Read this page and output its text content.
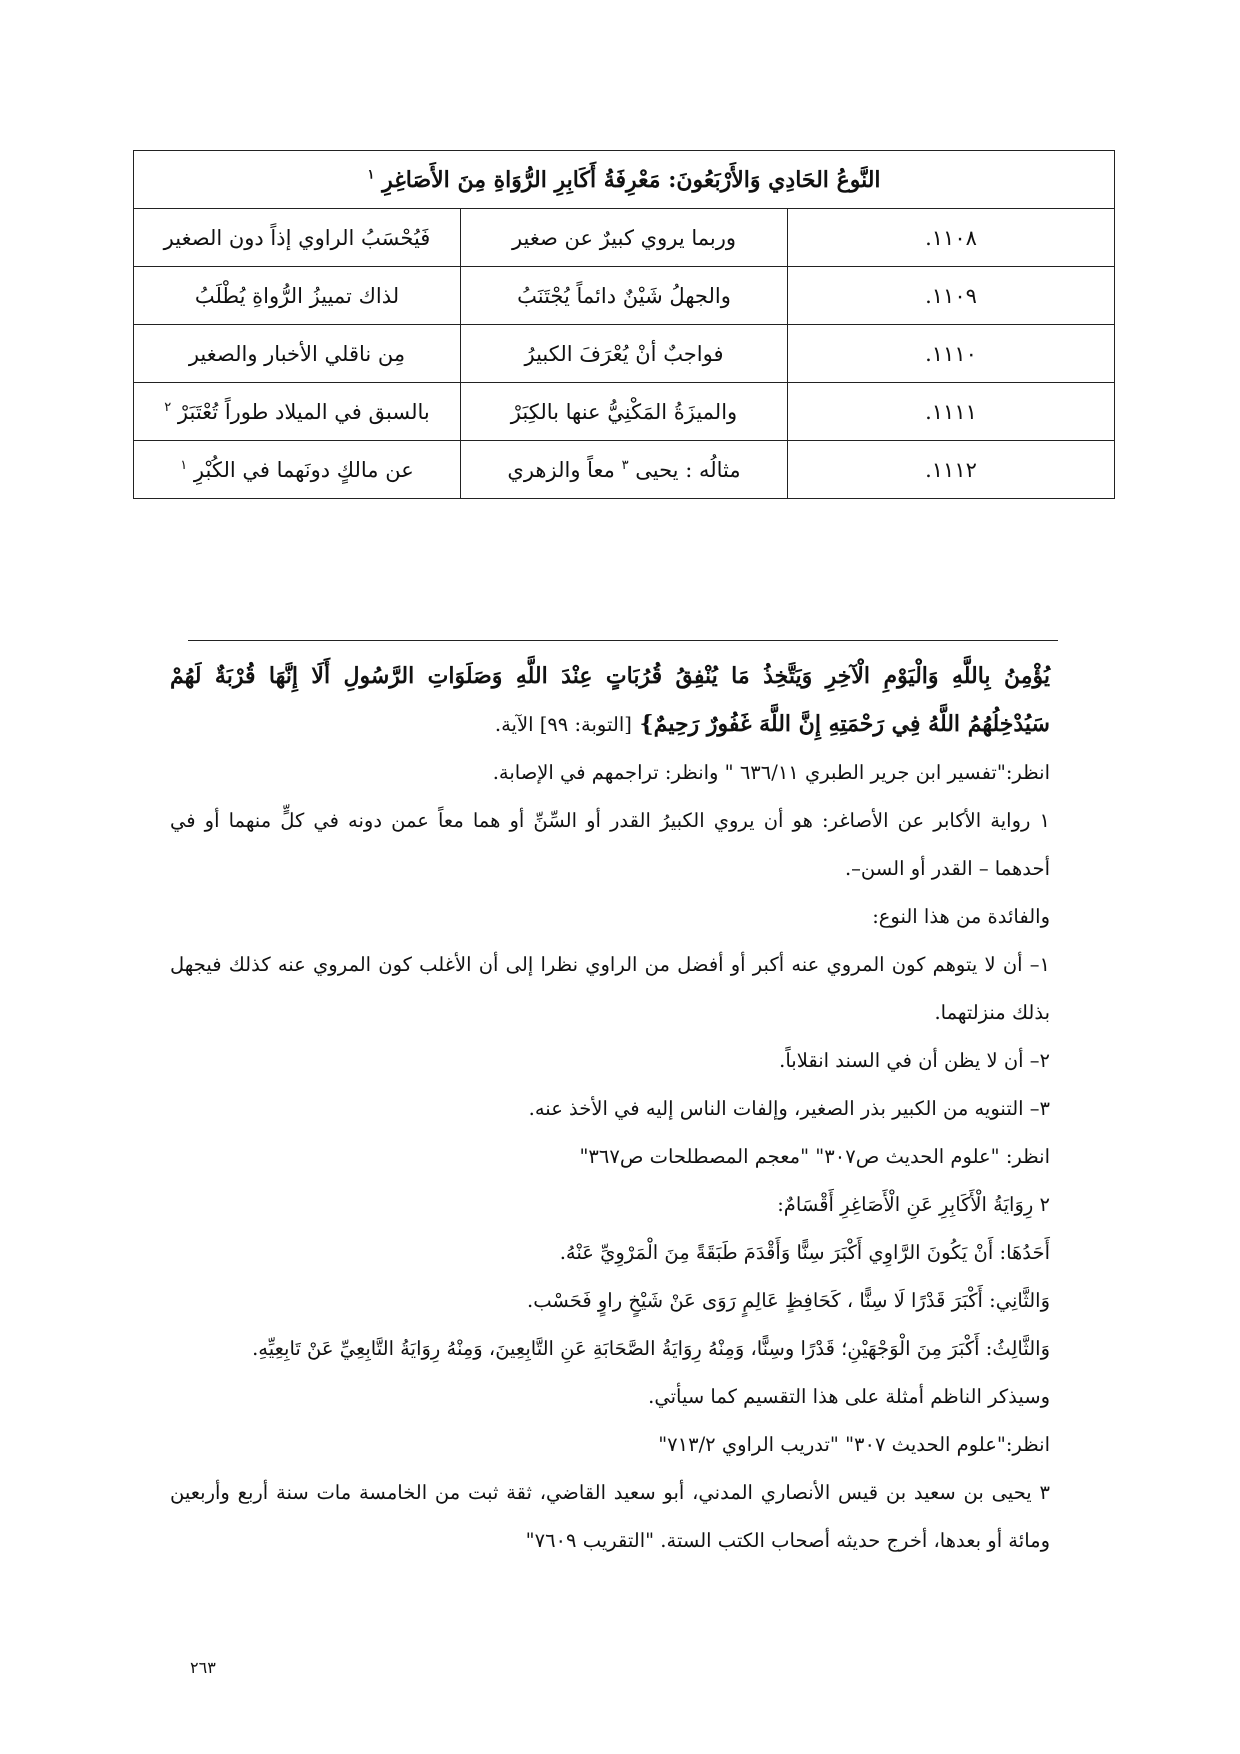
النَّوعُ الحَادِي وَالأَرْبَعُونَ: مَعْرِفَةُ أَكَابِرِ الرُّوَاةِ مِنَ الأَصَاغِرِ $^١$
١١٠٨.	وربما يروي كبيرٌ عن صغير	فَيُحْسَبُ الراوي إذاً دون الصغير
١١٠٩.	والجهلُ شَيْنٌ دائماً يُجْتَنَبُ	لذاك تمييزُ الرُّواةِ يُطْلَبُ
١١١٠.	فواجبٌ أنْ يُعْرَفَ الكبيرُ	مِن ناقلي الأخبار والصغير
١١١١.	والميزَةُ المَكْنِيُّ عنها بالكِبَرْ	بالسبق في الميلاد طوراً تُعْتَبَرْ $^٢$
١١١٢.	مثالُه : يحيى $^٣$ معاً والزهري	عن مالكٍ دونَهما في الكُبْرِ $^١$

يُؤْمِنُ بِاللَّهِ وَالْيَوْمِ الْآخِرِ وَيَتَّخِذُ مَا يُنْفِقُ قُرُبَاتٍ عِنْدَ اللَّهِ وَصَلَوَاتِ الرَّسُولِ أَلَا إِنَّهَا قُرْبَةٌ لَهُمْ سَيُدْخِلُهُمُ اللَّهُ فِي رَحْمَتِهِ إِنَّ اللَّهَ غَفُورٌ رَحِيمٌ} [التوبة: ٩٩] الآية.

انظر:"تفسير ابن جرير الطبري ٦٣٦/١١ " وانظر: تراجمهم في الإصابة.

١ رواية الأكابر عن الأصاغر: هو أن يروي الكبيرُ القدر أو السِّنِّ أو هما معاً عمن دونه في كلٍّ منهما أو في أحدهما – القدر أو السن–.

والفائدة من هذا النوع:

١– أن لا يتوهم كون المروي عنه أكبر أو أفضل من الراوي نظرا إلى أن الأغلب كون المروي عنه كذلك فيجهل بذلك منزلتهما.

٢– أن لا يظن أن في السند انقلاباً.

٣– التنويه من الكبير بذر الصغير، وإلفات الناس إليه في الأخذ عنه.

انظر: "علوم الحديث ص٣٠٧" "معجم المصطلحات ص٣٦٧"

٢ رِوَايَةُ الْأَكَابِرِ عَنِ الْأَصَاغِرِ أَقْسَامٌ:

أَحَدُهَا: أَنْ يَكُونَ الرَّاوِي أَكْبَرَ سِنًّا وَأَقْدَمَ طَبَقَةً مِنَ الْمَرْوِيِّ عَنْهُ.

وَالثَّانِي: أَكْبَرَ قَدْرًا لَا سِنًّا ، كَحَافِظٍ عَالِمٍ رَوَى عَنْ شَيْخٍ راوٍ فَحَسْب.

وَالثَّالِثُ: أَكْبَرَ مِنَ الْوَجْهَيْنِ؛ قَدْرًا وسِنًّا، وَمِنْهُ رِوَايَةُ الصَّحَابَةِ عَنِ التَّابِعِينَ، وَمِنْهُ رِوَايَةُ التَّابِعِيِّ عَنْ تَابِعِيِّهِ.

وسيذكر الناظم أمثلة على هذا التقسيم كما سيأتي.

انظر:"علوم الحديث ٣٠٧" "تدريب الراوي ٧١٣/٢"

٣ يحيى بن سعيد بن قيس الأنصاري المدني، أبو سعيد القاضي، ثقة ثبت من الخامسة مات سنة أربع وأربعين ومائة أو بعدها، أخرج حديثه أصحاب الكتب الستة. "التقريب ٧٦٠٩"

٢٦٣
